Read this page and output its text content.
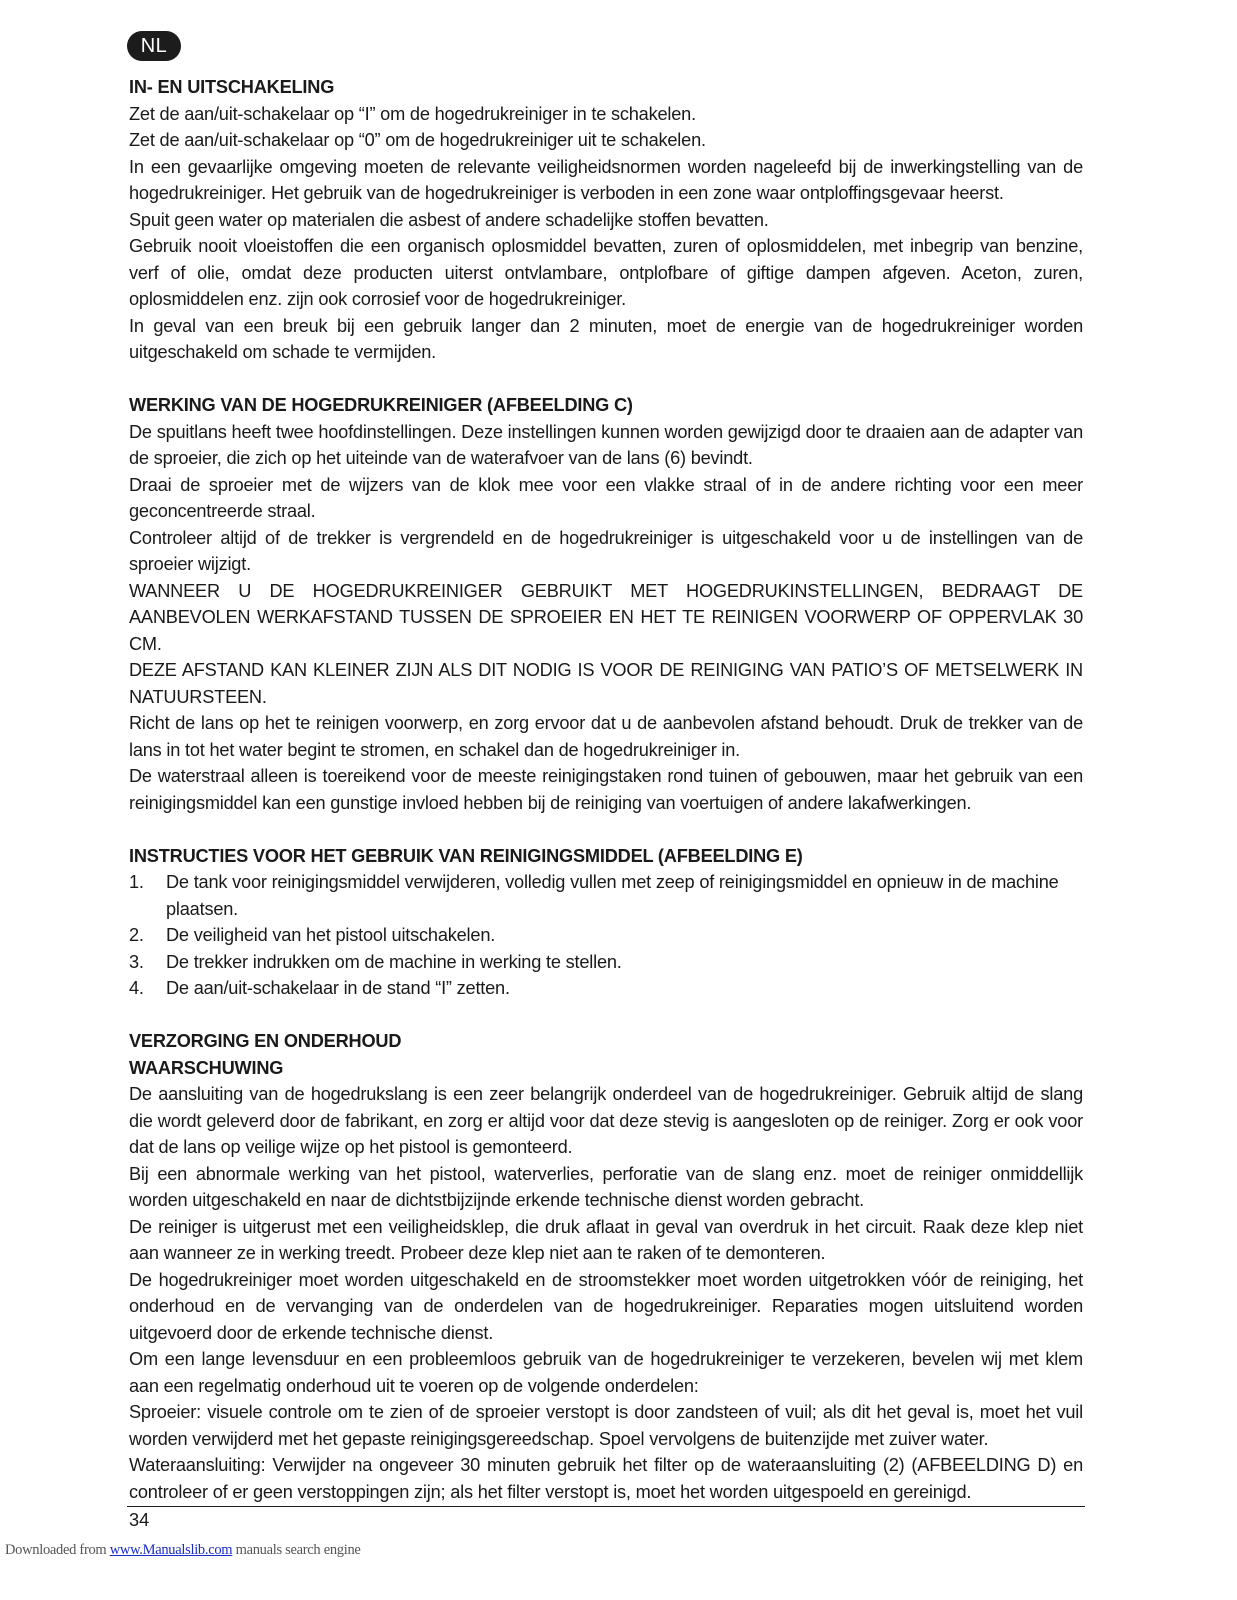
NL
IN- EN UITSCHAKELING

Zet de aan/uit-schakelaar op “I” om de hogedrukreiniger in te schakelen.

Zet de aan/uit-schakelaar op “0” om de hogedrukreiniger uit te schakelen.

In een gevaarlijke omgeving moeten de relevante veiligheidsnormen worden nageleefd bij de inwerkingstelling van de hogedrukreiniger. Het gebruik van de hogedrukreiniger is verboden in een zone waar ontploffingsgevaar heerst.

Spuit geen water op materialen die asbest of andere schadelijke stoffen bevatten.

Gebruik nooit vloeistoffen die een organisch oplosmiddel bevatten, zuren of oplosmiddelen, met inbegrip van benzine, verf of olie, omdat deze producten uiterst ontvlambare, ontplofbare of giftige dampen afgeven. Aceton, zuren, oplosmiddelen enz. zijn ook corrosief voor de hogedrukreiniger.

In geval van een breuk bij een gebruik langer dan 2 minuten, moet de energie van de hogedrukreiniger worden uitgeschakeld om schade te vermijden.

WERKING VAN DE HOGEDRUKREINIGER (AFBEELDING C)

De spuitlans heeft twee hoofdinstellingen. Deze instellingen kunnen worden gewijzigd door te draaien aan de adapter van de sproeier, die zich op het uiteinde van de waterafvoer van de lans (6) bevindt.

Draai de sproeier met de wijzers van de klok mee voor een vlakke straal of in de andere richting voor een meer geconcentreerde straal.

Controleer altijd of de trekker is vergrendeld en de hogedrukreiniger is uitgeschakeld voor u de instellingen van de sproeier wijzigt.

WANNEER U DE HOGEDRUKREINIGER GEBRUIKT MET HOGEDRUKINSTELLINGEN, BEDRAAGT DE AANBEVOLEN WERKAFSTAND TUSSEN DE SPROEIER EN HET TE REINIGEN VOORWERP OF OPPERVLAK 30 CM.

DEZE AFSTAND KAN KLEINER ZIJN ALS DIT NODIG IS VOOR DE REINIGING VAN PATIO’S OF METSELWERK IN NATUURSTEEN.

Richt de lans op het te reinigen voorwerp, en zorg ervoor dat u de aanbevolen afstand behoudt. Druk de trekker van de lans in tot het water begint te stromen, en schakel dan de hogedrukreiniger in.

De waterstraal alleen is toereikend voor de meeste reinigingstaken rond tuinen of gebouwen, maar het gebruik van een reinigingsmiddel kan een gunstige invloed hebben bij de reiniging van voertuigen of andere lakafwerkingen.

INSTRUCTIES VOOR HET GEBRUIK VAN REINIGINGSMIDDEL (AFBEELDING E)
1. De tank voor reinigingsmiddel verwijderen, volledig vullen met zeep of reinigingsmiddel en opnieuw in de machine plaatsen.
2. De veiligheid van het pistool uitschakelen.
3. De trekker indrukken om de machine in werking te stellen.
4. De aan/uit-schakelaar in de stand “I” zetten.
VERZORGING EN ONDERHOUD
WAARSCHUWING

De aansluiting van de hogedrukslang is een zeer belangrijk onderdeel van de hogedrukreiniger. Gebruik altijd de slang die wordt geleverd door de fabrikant, en zorg er altijd voor dat deze stevig is aangesloten op de reiniger. Zorg er ook voor dat de lans op veilige wijze op het pistool is gemonteerd.

Bij een abnormale werking van het pistool, waterverlies, perforatie van de slang enz. moet de reiniger onmiddellijk worden uitgeschakeld en naar de dichtstbijzijnde erkende technische dienst worden gebracht.

De reiniger is uitgerust met een veiligheidsklep, die druk aflaat in geval van overdruk in het circuit. Raak deze klep niet aan wanneer ze in werking treedt. Probeer deze klep niet aan te raken of te demonteren.

De hogedrukreiniger moet worden uitgeschakeld en de stroomstekker moet worden uitgetrokken vóór de reiniging, het onderhoud en de vervanging van de onderdelen van de hogedrukreiniger. Reparaties mogen uitsluitend worden uitgevoerd door de erkende technische dienst.

Om een lange levensduur en een probleemloos gebruik van de hogedrukreiniger te verzekeren, bevelen wij met klem aan een regelmatig onderhoud uit te voeren op de volgende onderdelen:

Sproeier: visuele controle om te zien of de sproeier verstopt is door zandsteen of vuil; als dit het geval is, moet het vuil worden verwijderd met het gepaste reinigingsgereedschap. Spoel vervolgens de buitenzijde met zuiver water.

Wateraansluiting: Verwijder na ongeveer 30 minuten gebruik het filter op de wateraansluiting (2) (AFBEELDING D) en controleer of er geen verstoppingen zijn; als het filter verstopt is, moet het worden uitgespoeld en gereinigd.

34
Downloaded from www.Manualslib.com manuals search engine
